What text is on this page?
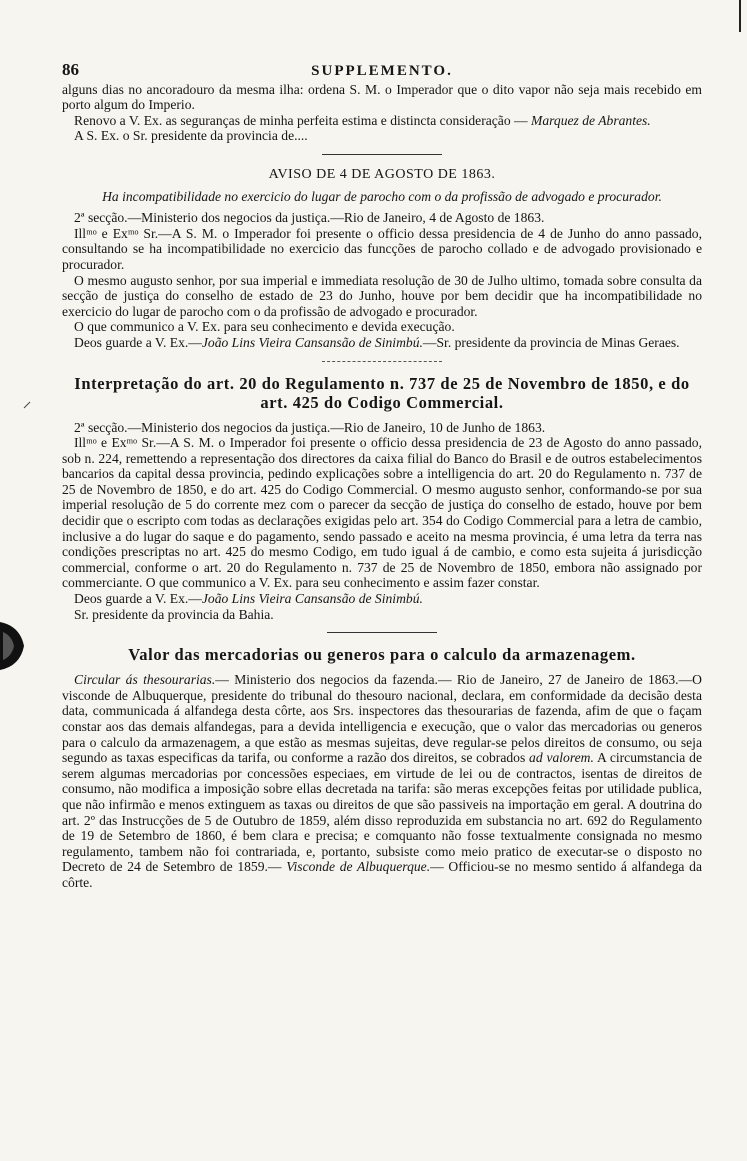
86	SUPPLEMENTO.

alguns dias no ancoradouro da mesma ilha: ordena S. M. o Imperador que o dito vapor não seja mais recebido em porto algum do Imperio.

Renovo a V. Ex. as seguranças de minha perfeita estima e distincta consideração — Marquez de Abrantes.

A S. Ex. o Sr. presidente da provincia de....

AVISO DE 4 DE AGOSTO DE 1863.
Ha incompatibilidade no exercicio do lugar de parocho com o da profissão de advogado e procurador.

2ª secção.—Ministerio dos negocios da justiça.—Rio de Janeiro, 4 de Agosto de 1863.

Illᵐᵒ e Exᵐᵒ Sr.—A S. M. o Imperador foi presente o officio dessa presidencia de 4 de Junho do anno passado, consultando se ha incompatibilidade no exercicio das funcções de parocho collado e de advogado provisionado e procurador.

O mesmo augusto senhor, por sua imperial e immediata resolução de 30 de Julho ultimo, tomada sobre consulta da secção de justiça do conselho de estado de 23 do Junho, houve por bem decidir que ha incompatibilidade no exercicio do lugar de parocho com o da profissão de advogado e procurador.

O que communico a V. Ex. para seu conhecimento e devida execução.

Deos guarde a V. Ex.—João Lins Vieira Cansansão de Sinimbú.—Sr. presidente da provincia de Minas Geraes.

Interpretação do art. 20 do Regulamento n. 737 de 25 de Novembro de 1850, e do art. 425 do Codigo Commercial.

2ª secção.—Ministerio dos negocios da justiça.—Rio de Janeiro, 10 de Junho de 1863.

Illᵐᵒ e Exᵐᵒ Sr.—A S. M. o Imperador foi presente o officio dessa presidencia de 23 de Agosto do anno passado, sob n. 224, remettendo a representação dos directores da caixa filial do Banco do Brasil e de outros estabelecimentos bancarios da capital dessa provincia, pedindo explicações sobre a intelligencia do art. 20 do Regulamento n. 737 de 25 de Novembro de 1850, e do art. 425 do Codigo Commercial. O mesmo augusto senhor, conformando-se por sua imperial resolução de 5 do corrente mez com o parecer da secção de justiça do conselho de estado, houve por bem decidir que o escripto com todas as declarações exigidas pelo art. 354 do Codigo Commercial para a letra de cambio, inclusive a do lugar do saque e do pagamento, sendo passado e aceito na mesma provincia, é uma letra da terra nas condições prescriptas no art. 425 do mesmo Codigo, em tudo igual á de cambio, e como esta sujeita á jurisdicção commercial, conforme o art. 20 do Regulamento n. 737 de 25 de Novembro de 1850, embora não assignado por commerciante. O que communico a V. Ex. para seu conhecimento e assim fazer constar.

Deos guarde a V. Ex.—João Lins Vieira Cansansão de Sinimbú.

Sr. presidente da provincia da Bahia.

Valor das mercadorias ou generos para o calculo da armazenagem.

Circular ás thesourarias.— Ministerio dos negocios da fazenda.— Rio de Janeiro, 27 de Janeiro de 1863.—O visconde de Albuquerque, presidente do tribunal do thesouro nacional, declara, em conformidade da decisão desta data, communicada á alfandega desta côrte, aos Srs. inspectores das thesourarias de fazenda, afim de que o façam constar aos das demais alfandegas, para a devida intelligencia e execução, que o valor das mercadorias ou generos para o calculo da armazenagem, a que estão as mesmas sujeitas, deve regular-se pelos direitos de consumo, ou seja segundo as taxas especificas da tarifa, ou conforme a razão dos direitos, se cobrados ad valorem. A circumstancia de serem algumas mercadorias por concessões especiaes, em virtude de lei ou de contractos, isentas de direitos de consumo, não modifica a imposição sobre ellas decretada na tarifa: são meras excepções feitas por utilidade publica, que não infirmão e menos extinguem as taxas ou direitos de que são passiveis na importação em geral. A doutrina do art. 2º das Instrucções de 5 de Outubro de 1859, além disso reproduzida em substancia no art. 692 do Regulamento de 19 de Setembro de 1860, é bem clara e precisa; e comquanto não fosse textualmente consignada no mesmo regulamento, tambem não foi contrariada, e, portanto, subsiste como meio pratico de executar-se o disposto no Decreto de 24 de Setembro de 1859.— Visconde de Albuquerque.— Officiou-se no mesmo sentido á alfandega da côrte.
